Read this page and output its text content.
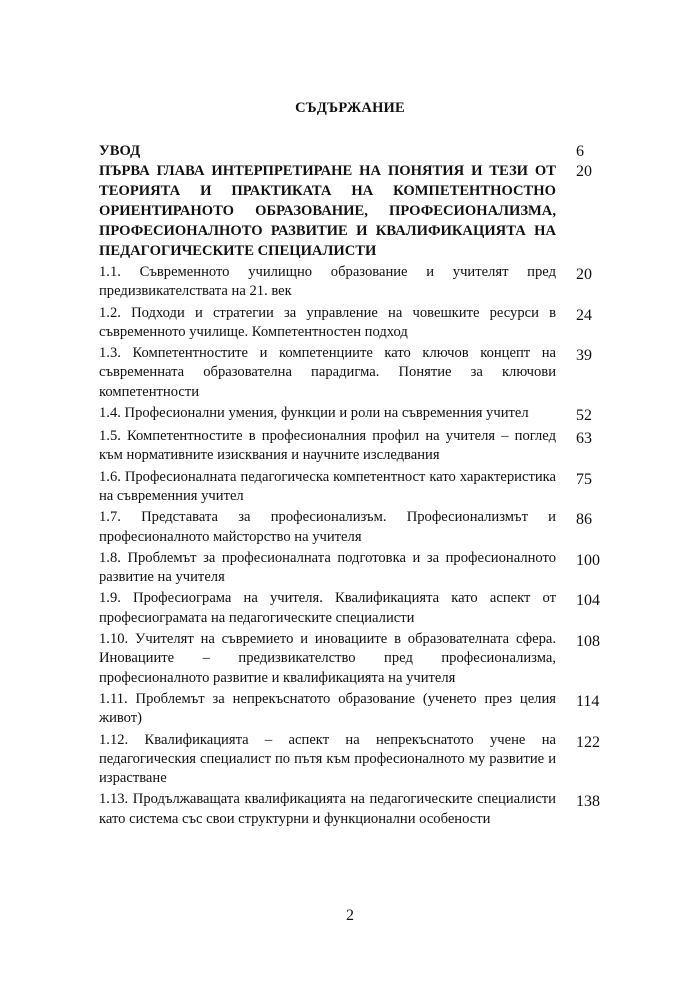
СЪДЪРЖАНИЕ
УВОД	6
ПЪРВА ГЛАВА ИНТЕРПРЕТИРАНЕ НА ПОНЯТИЯ И ТЕЗИ ОТ ТЕОРИЯТА И ПРАКТИКАТА НА КОМПЕТЕНТНОСТНО ОРИЕНТИРАНОТО ОБРАЗОВАНИЕ, ПРОФЕСИОНАЛИЗМА, ПРОФЕСИОНАЛНОТО РАЗВИТИЕ И КВАЛИФИКАЦИЯТА НА ПЕДАГОГИЧЕСКИТЕ СПЕЦИАЛИСТИ
20
1.1. Съвременното училищно образование и учителят пред предизвикателствата на 21. век
20
1.2. Подходи и стратегии за управление на човешките ресурси в съвременното училище. Компетентностен подход
24
1.3. Компетентностите и компетенциите като ключов концепт на съвременната образователна парадигма. Понятие за ключови компетентности
39
1.4. Професионални умения, функции и роли на съвременния учител	52
1.5. Компетентностите в професионалния профил на учителя – поглед към нормативните изисквания и научните изследвания
63
1.6. Професионалната педагогическа компетентност като характеристика на съвременния учител
75
1.7. Представата за професионализъм. Професионализмът и професионалното майсторство на учителя
86
1.8. Проблемът за професионалната подготовка и за професионалното развитие на учителя
100
1.9. Професиограма на учителя. Квалификацията като аспект от професиограмата на педагогическите специалисти
104
1.10. Учителят на съвремието и иновациите в образователната сфера. Иновациите – предизвикателство пред професионализма, професионалното развитие и квалификацията на учителя
108
1.11. Проблемът за непрекъснатото образование (ученето през целия живот)
114
1.12. Квалификацията – аспект на непрекъснатото учене на педагогическия специалист по пътя към професионалното му развитие и израстване
122
1.13. Продължаващата квалификацията на педагогическите специалисти като система със свои структурни и функционални особености
138
2
